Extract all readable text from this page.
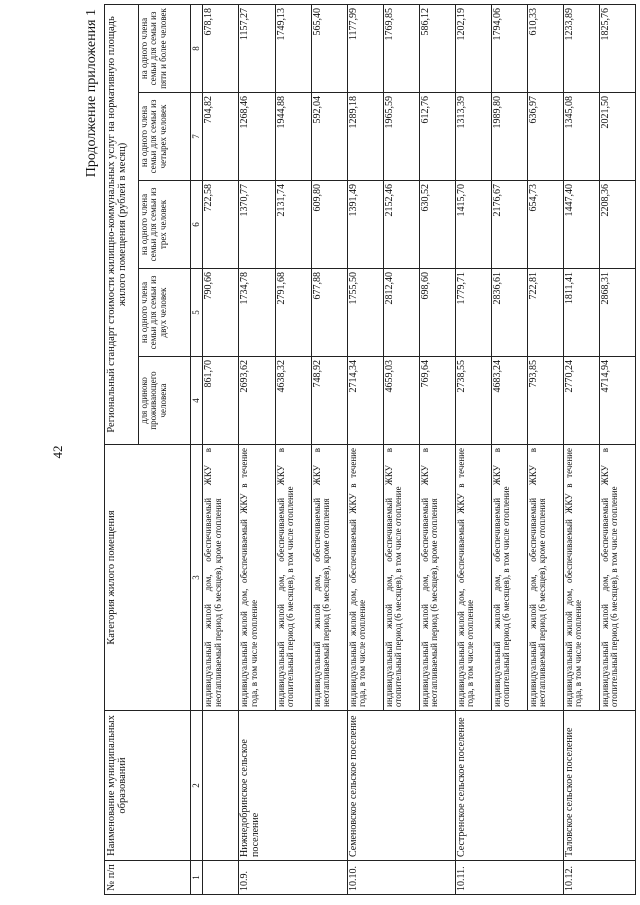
42
Продолжение приложения 1
№ п/п	Наименование муниципальных образований	Категория жилого помещения	Региональный стандарт стоимости жилищно-коммунальных услуг на нормативную площадь жилого помещения (рублей в месяц)				
			для одиноко проживающего человека	на одного члена семьи для семьи из двух человек	на одного члена семьи для семьи из трех человек	на одного члена семьи для семьи из четырех человек	на одного члена семьи для семьи из пяти и более человек
1	2	3	4	5	6	7	8
		индивидуальный жилой дом, обеспечиваемый ЖКУ в неотапливаемый период (6 месяцев), кроме отопления	861,70	790,66	722,58	704,82	678,18
10.9.	Нижнедобринское сельское поселение	индивидуальный жилой дом, обеспечиваемый ЖКУ в течение года, в том числе отопление	2693,62	1734,78	1370,77	1268,46	1157,27
		индивидуальный жилой дом, обеспечиваемый ЖКУ в отопительный период (6 месяцев), в том числе отопление	4638,32	2791,68	2131,74	1944,88	1749,13
		индивидуальный жилой дом, обеспечиваемый ЖКУ в неотапливаемый период (6 месяцев), кроме отопления	748,92	677,88	609,80	592,04	565,40
10.10.	Семеновское сельское поселение	индивидуальный жилой дом, обеспечиваемый ЖКУ в течение года, в том числе отопление	2714,34	1755,50	1391,49	1289,18	1177,99
		индивидуальный жилой дом, обеспечиваемый ЖКУ в отопительный период (6 месяцев), в том числе отопление	4659,03	2812,40	2152,46	1965,59	1769,85
		индивидуальный жилой дом, обеспечиваемый ЖКУ в неотапливаемый период (6 месяцев), кроме отопления	769,64	698,60	630,52	612,76	586,12
10.11.	Сестренское сельское поселение	индивидуальный жилой дом, обеспечиваемый ЖКУ в течение года, в том числе отопление	2738,55	1779,71	1415,70	1313,39	1202,19
		индивидуальный жилой дом, обеспечиваемый ЖКУ в отопительный период (6 месяцев), в том числе отопление	4683,24	2836,61	2176,67	1989,80	1794,06
		индивидуальный жилой дом, обеспечиваемый ЖКУ в неотапливаемый период (6 месяцев), кроме отопления	793,85	722,81	654,73	636,97	610,33
10.12.	Таловское сельское поселение	индивидуальный жилой дом, обеспечиваемый ЖКУ в течение года, в том числе отопление	2770,24	1811,41	1447,40	1345,08	1233,89
		индивидуальный жилой дом, обеспечиваемый ЖКУ в отопительный период (6 месяцев), в том числе отопление	4714,94	2868,31	2208,36	2021,50	1825,76
